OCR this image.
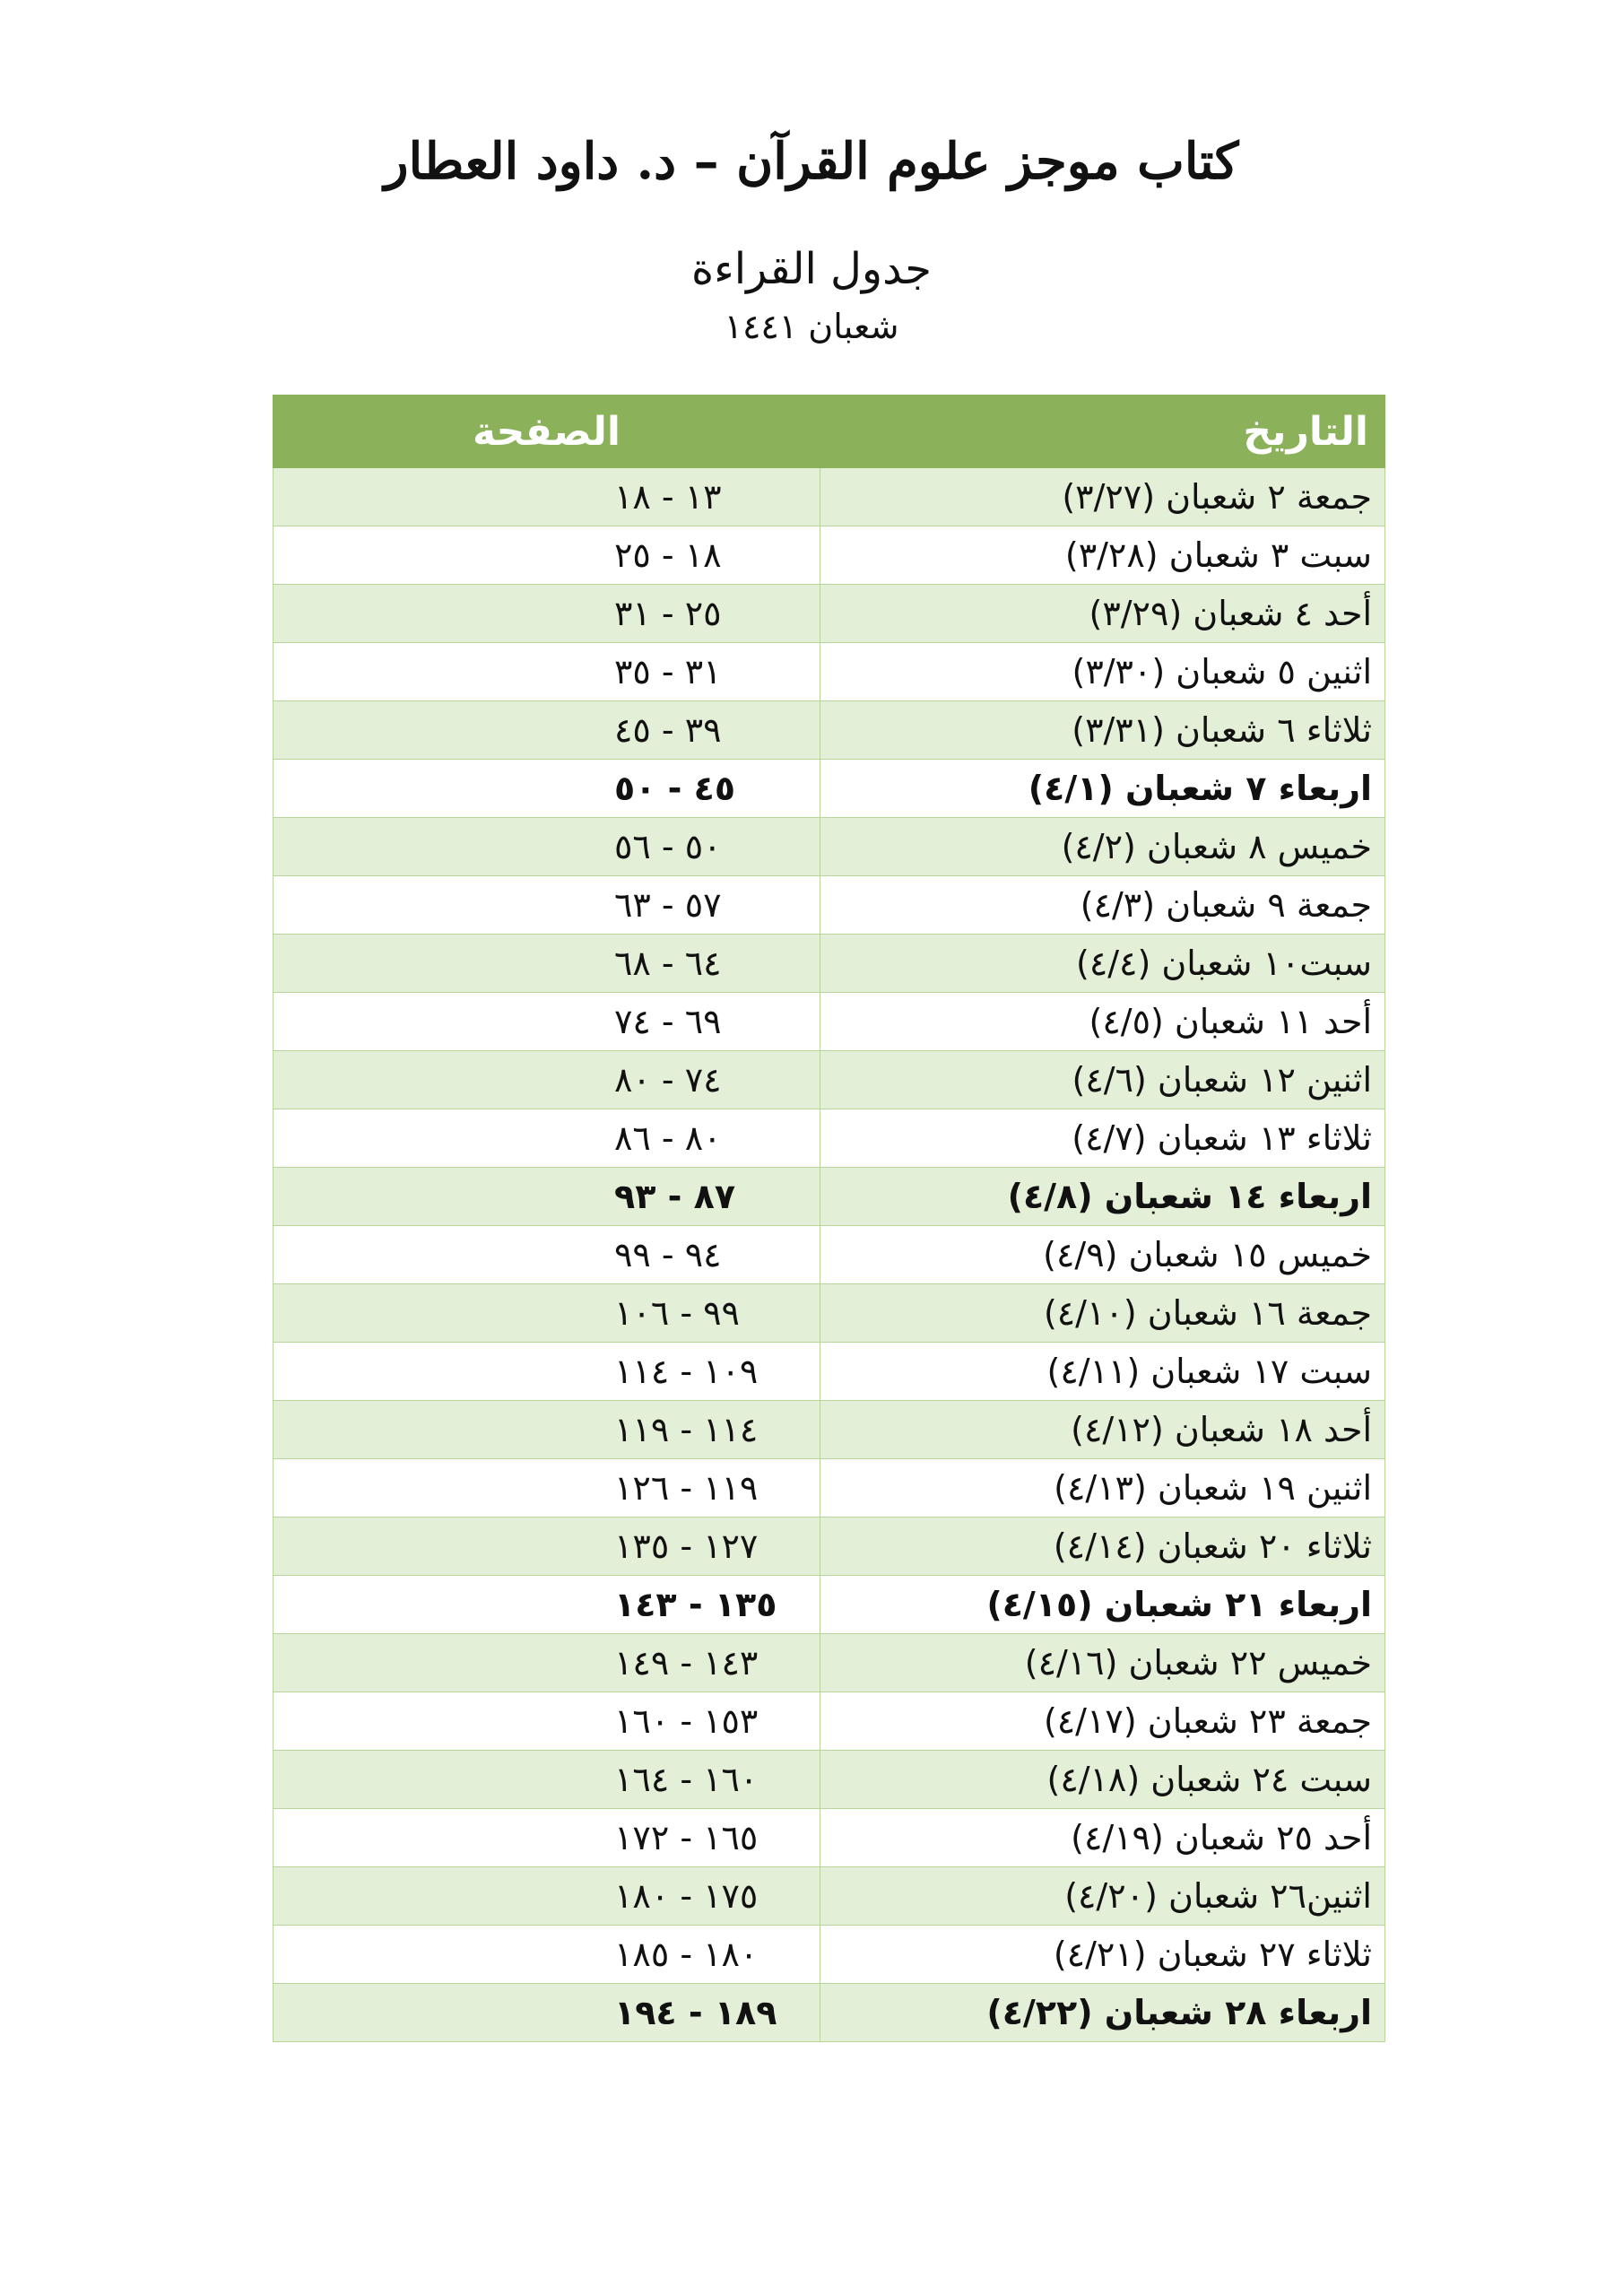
كتاب موجز علوم القرآن – د. داود العطار
جدول القراءة
شعبان ١٤٤١
التاريخ	الصفحة
جمعة ٢ شعبان (٣/٢٧)	١٣ - ١٨
سبت ٣ شعبان (٣/٢٨)	١٨ - ٢٥
أحد ٤ شعبان (٣/٢٩)	٢٥ - ٣١
اثنين ٥ شعبان (٣/٣٠)	٣١ - ٣٥
ثلاثاء ٦ شعبان (٣/٣١)	٣٩ - ٤٥
اربعاء ٧ شعبان (٤/١)	٤٥ - ٥٠
خميس ٨ شعبان (٤/٢)	٥٠ - ٥٦
جمعة ٩ شعبان (٤/٣)	٥٧ - ٦٣
سبت١٠ شعبان (٤/٤)	٦٤ - ٦٨
أحد ١١ شعبان (٤/٥)	٦٩ - ٧٤
اثنين ١٢ شعبان (٤/٦)	٧٤ - ٨٠
ثلاثاء ١٣ شعبان (٤/٧)	٨٠ - ٨٦
اربعاء ١٤ شعبان (٤/٨)	٨٧ - ٩٣
خميس ١٥ شعبان (٤/٩)	٩٤ - ٩٩
جمعة ١٦ شعبان (٤/١٠)	٩٩ - ١٠٦
سبت ١٧ شعبان (٤/١١)	١٠٩ - ١١٤
أحد ١٨ شعبان (٤/١٢)	١١٤ - ١١٩
اثنين ١٩ شعبان (٤/١٣)	١١٩ - ١٢٦
ثلاثاء ٢٠ شعبان (٤/١٤)	١٢٧ - ١٣٥
اربعاء ٢١ شعبان (٤/١٥)	١٣٥ - ١٤٣
خميس ٢٢ شعبان (٤/١٦)	١٤٣ - ١٤٩
جمعة ٢٣ شعبان (٤/١٧)	١٥٣ - ١٦٠
سبت ٢٤ شعبان (٤/١٨)	١٦٠ - ١٦٤
أحد ٢٥ شعبان (٤/١٩)	١٦٥ - ١٧٢
اثنين٢٦ شعبان (٤/٢٠)	١٧٥ - ١٨٠
ثلاثاء ٢٧ شعبان (٤/٢١)	١٨٠ - ١٨٥
اربعاء ٢٨ شعبان (٤/٢٢)	١٨٩ - ١٩٤
